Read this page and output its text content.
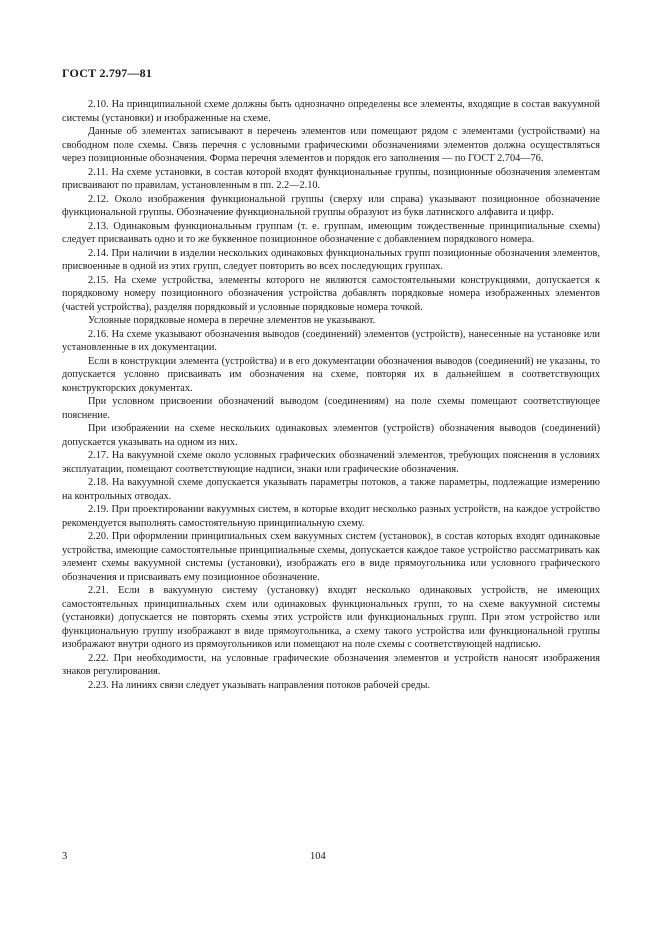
ГОСТ 2.797—81

2.10. На принципиальной схеме должны быть однозначно определены все элементы, входящие в состав вакуумной системы (установки) и изображенные на схеме.

Данные об элементах записывают в перечень элементов или помещают рядом с элементами (устройствами) на свободном поле схемы. Связь перечня с условными графическими обозначениями элементов должна осуществляться через позиционные обозначения. Форма перечня элементов и порядок его заполнения — по ГОСТ 2.704—76.

2.11. На схеме установки, в состав которой входят функциональные группы, позиционные обозначения элементам присваивают по правилам, установленным в пп. 2.2—2.10.

2.12. Около изображения функциональной группы (сверху или справа) указывают позиционное обозначение функциональной группы. Обозначение функциональной группы образуют из букв латинского алфавита и цифр.

2.13. Одинаковым функциональным группам (т. е. группам, имеющим тождественные принципиальные схемы) следует присваивать одно и то же буквенное позиционное обозначение с добавлением порядкового номера.

2.14. При наличии в изделии нескольких одинаковых функциональных групп позиционные обозначения элементов, присвоенные в одной из этих групп, следует повторить во всех последующих группах.

2.15. На схеме устройства, элементы которого не являются самостоятельными конструкциями, допускается к порядковому номеру позиционного обозначения устройства добавлять порядковые номера изображенных элементов (частей устройства), разделяя порядковый и условные порядковые номера точкой.

Условные порядковые номера в перечне элементов не указывают.

2.16. На схеме указывают обозначения выводов (соединений) элементов (устройств), нанесенные на установке или установленные в их документации.

Если в конструкции элемента (устройства) и в его документации обозначения выводов (соединений) не указаны, то допускается условно присваивать им обозначения на схеме, повторяя их в дальнейшем в соответствующих конструкторских документах.

При условном присвоении обозначений выводом (соединениям) на поле схемы помещают соответствующее пояснение.

При изображении на схеме нескольких одинаковых элементов (устройств) обозначения выводов (соединений) допускается указывать на одном из них.

2.17. На вакуумной схеме около условных графических обозначений элементов, требующих пояснения в условиях эксплуатации, помещают соответствующие надписи, знаки или графические обозначения.

2.18. На вакуумной схеме допускается указывать параметры потоков, а также параметры, подлежащие измерению на контрольных отводах.

2.19. При проектировании вакуумных систем, в которые входит несколько разных устройств, на каждое устройство рекомендуется выполнять самостоятельную принципиальную схему.

2.20. При оформлении принципиальных схем вакуумных систем (установок), в состав которых входят одинаковые устройства, имеющие самостоятельные принципиальные схемы, допускается каждое такое устройство рассматривать как элемент схемы вакуумной системы (установки), изображать его в виде прямоугольника или условного графического обозначения и присваивать ему позиционное обозначение.

2.21. Если в вакуумную систему (установку) входят несколько одинаковых устройств, не имеющих самостоятельных принципиальных схем или одинаковых функциональных групп, то на схеме вакуумной системы (установки) допускается не повторять схемы этих устройств или функциональных групп. При этом устройство или функциональную группу изображают в виде прямоугольника, а схему такого устройства или функциональной группы изображают внутри одного из прямоугольников или помещают на поле схемы с соответствующей надписью.

2.22. При необходимости, на условные графические обозначения элементов и устройств наносят изображения знаков регулирования.

2.23. На линиях связи следует указывать направления потоков рабочей среды.

3	104
